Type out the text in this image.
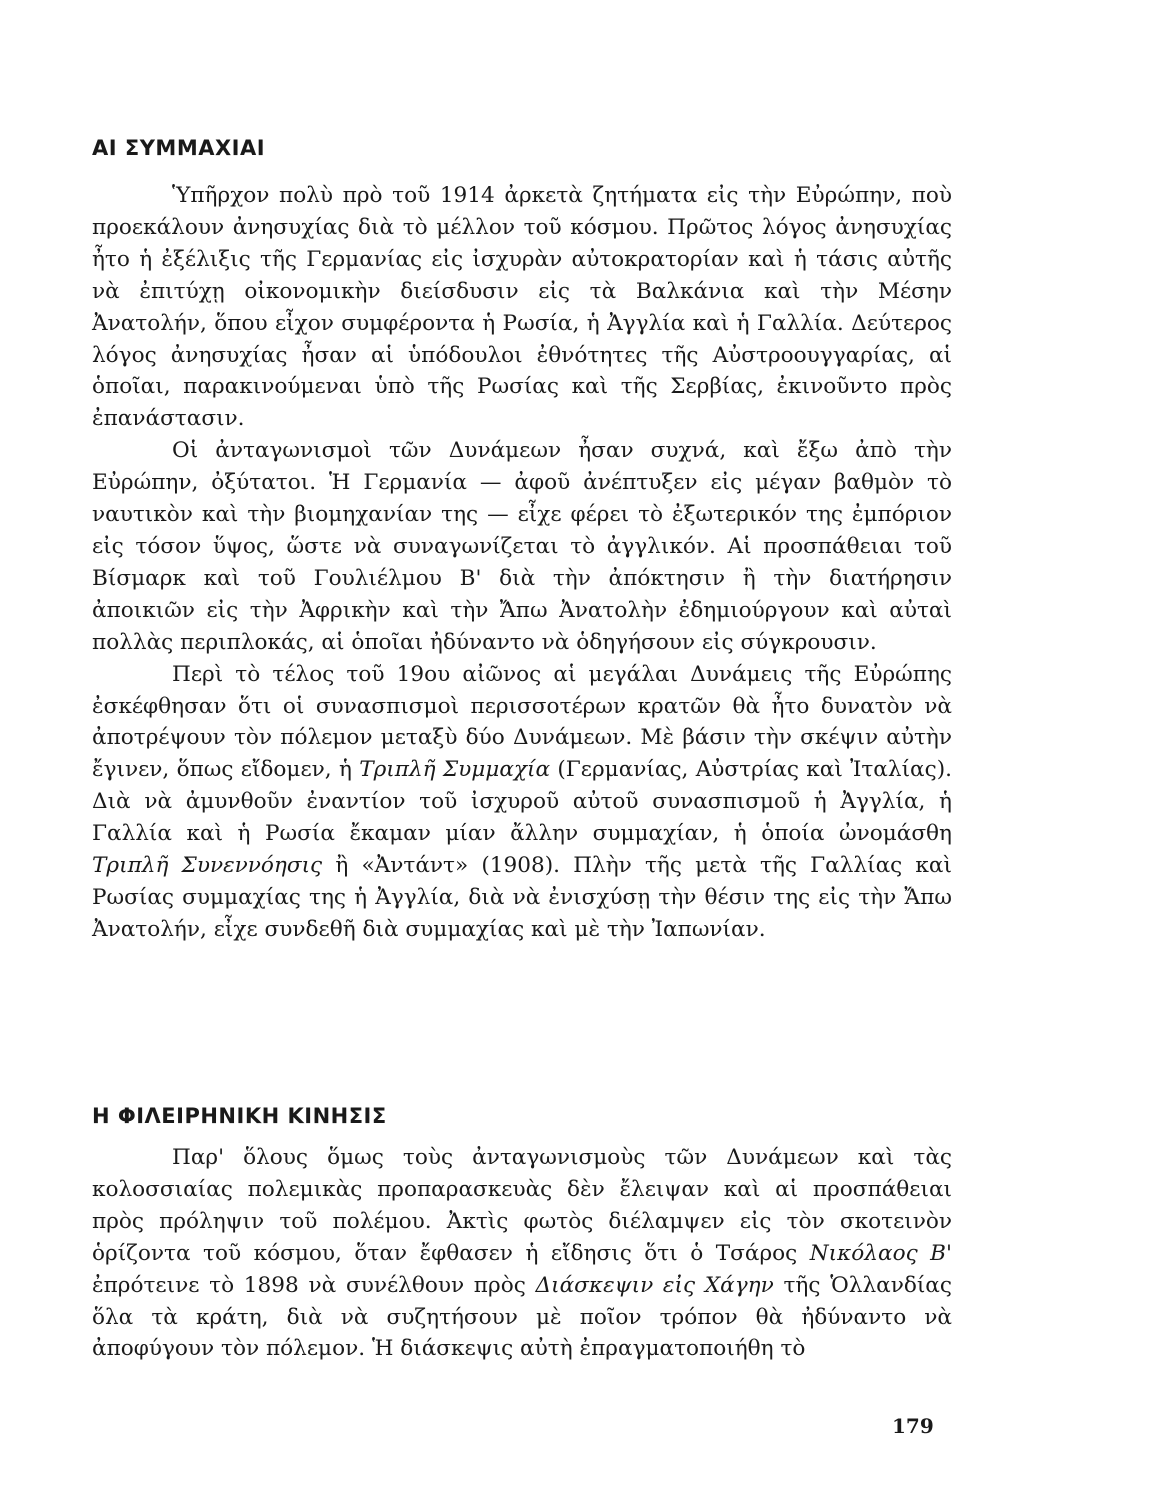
ΑΙ ΣΥΜΜΑΧΙΑΙ

Ὑπῆρχον πολὺ πρὸ τοῦ 1914 ἀρκετὰ ζητήματα εἰς τὴν Εὐρώπην, ποὺ προεκάλουν ἀνησυχίας διὰ τὸ μέλλον τοῦ κόσμου. Πρῶτος λόγος ἀνησυχίας ἦτο ἡ ἐξέλιξις τῆς Γερμανίας εἰς ἰσχυρὰν αὐτοκρατορίαν καὶ ἡ τάσις αὐτῆς νὰ ἐπιτύχῃ οἰκονομικὴν διείσδυσιν εἰς τὰ Βαλκάνια καὶ τὴν Μέσην Ἀνατολήν, ὅπου εἶχον συμφέροντα ἡ Ρωσία, ἡ Ἀγγλία καὶ ἡ Γαλλία. Δεύτερος λόγος ἀνησυχίας ἦσαν αἱ ὑπόδουλοι ἐθνότητες τῆς Αὐστροουγγαρίας, αἱ ὁποῖαι, παρακινούμεναι ὑπὸ τῆς Ρωσίας καὶ τῆς Σερβίας, ἐκινοῦντο πρὸς ἐπανάστασιν.

Οἱ ἀνταγωνισμοὶ τῶν Δυνάμεων ἦσαν συχνά, καὶ ἔξω ἀπὸ τὴν Εὐρώπην, ὀξύτατοι. Ἡ Γερμανία — ἀφοῦ ἀνέπτυξεν εἰς μέγαν βαθμὸν τὸ ναυτικὸν καὶ τὴν βιομηχανίαν της — εἶχε φέρει τὸ ἐξωτερικόν της ἐμπόριον εἰς τόσον ὕψος, ὥστε νὰ συναγωνίζεται τὸ ἀγγλικόν. Αἱ προσπάθειαι τοῦ Βίσμαρκ καὶ τοῦ Γουλιέλμου Β' διὰ τὴν ἀπόκτησιν ἢ τὴν διατήρησιν ἀποικιῶν εἰς τὴν Ἀφρικὴν καὶ τὴν Ἄπω Ἀνατολὴν ἐδημιούργουν καὶ αὐταὶ πολλὰς περιπλοκάς, αἱ ὁποῖαι ἠδύναντο νὰ ὁδηγήσουν εἰς σύγκρουσιν.

Περὶ τὸ τέλος τοῦ 19ου αἰῶνος αἱ μεγάλαι Δυνάμεις τῆς Εὐρώπης ἐσκέφθησαν ὅτι οἱ συνασπισμοὶ περισσοτέρων κρατῶν θὰ ἦτο δυνατὸν νὰ ἀποτρέψουν τὸν πόλεμον μεταξὺ δύο Δυνάμεων. Μὲ βάσιν τὴν σκέψιν αὐτὴν ἔγινεν, ὅπως εἴδομεν, ἡ Τριπλῆ Συμμαχία (Γερμανίας, Αὐστρίας καὶ Ἰταλίας). Διὰ νὰ ἀμυνθοῦν ἐναντίον τοῦ ἰσχυροῦ αὐτοῦ συνασπισμοῦ ἡ Ἀγγλία, ἡ Γαλλία καὶ ἡ Ρωσία ἔκαμαν μίαν ἄλλην συμμαχίαν, ἡ ὁποία ὠνομάσθη Τριπλῆ Συνεννόησις ἢ «Ἀντάντ» (1908). Πλὴν τῆς μετὰ τῆς Γαλλίας καὶ Ρωσίας συμμαχίας της ἡ Ἀγγλία, διὰ νὰ ἐνισχύσῃ τὴν θέσιν της εἰς τὴν Ἄπω Ἀνατολήν, εἶχε συνδεθῆ διὰ συμμαχίας καὶ μὲ τὴν Ἰαπωνίαν.

Η ΦΙΛΕΙΡΗΝΙΚΗ ΚΙΝΗΣΙΣ

Παρ' ὅλους ὅμως τοὺς ἀνταγωνισμοὺς τῶν Δυνάμεων καὶ τὰς κολοσσιαίας πολεμικὰς προπαρασκευὰς δὲν ἔλειψαν καὶ αἱ προσπάθειαι πρὸς πρόληψιν τοῦ πολέμου. Ἀκτὶς φωτὸς διέλαμψεν εἰς τὸν σκοτεινὸν ὁρίζοντα τοῦ κόσμου, ὅταν ἔφθασεν ἡ εἴδησις ὅτι ὁ Τσάρος Νικόλαος Β' ἐπρότεινε τὸ 1898 νὰ συνέλθουν πρὸς Διάσκεψιν εἰς Χάγην τῆς Ὁλλανδίας ὅλα τὰ κράτη, διὰ νὰ συζητήσουν μὲ ποῖον τρόπον θὰ ἠδύναντο νὰ ἀποφύγουν τὸν πόλεμον. Ἡ διάσκεψις αὐτὴ ἐπραγματοποιήθη τὸ

179
